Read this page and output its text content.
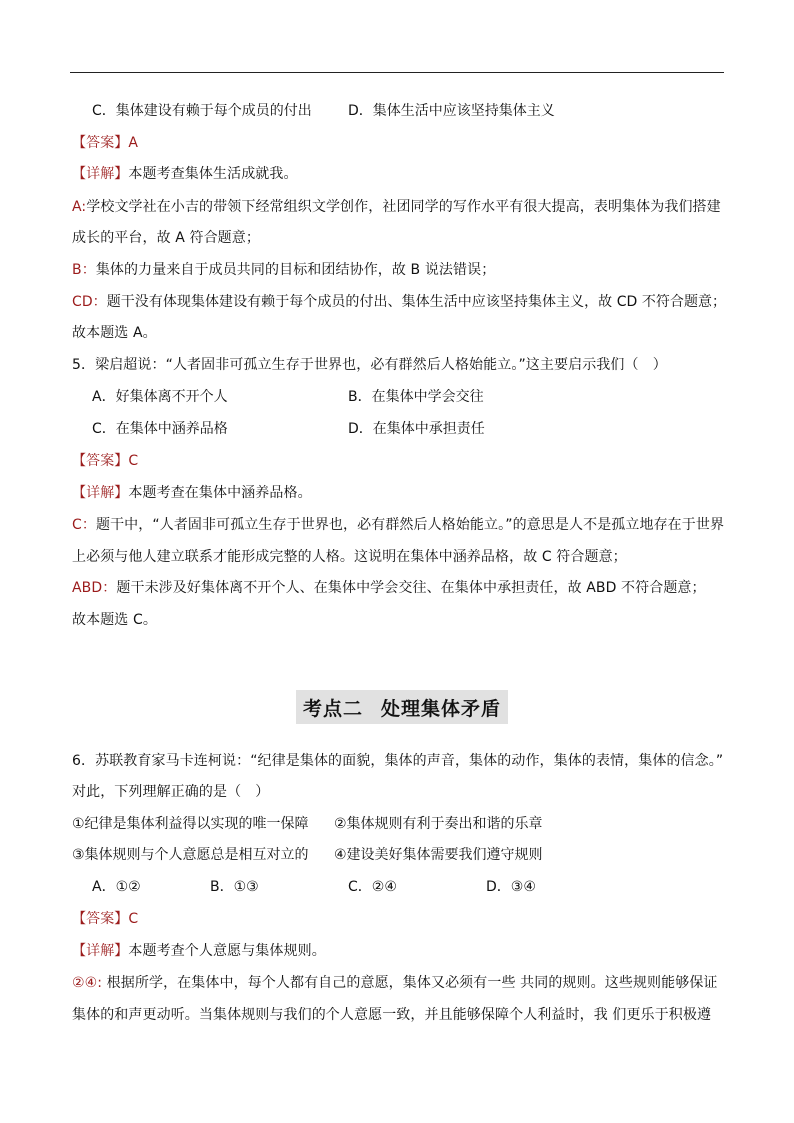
C．集体建设有赖于每个成员的付出	D．集体生活中应该坚持集体主义
【答案】A
【详解】本题考查集体生活成就我。
A:学校文学社在小吉的带领下经常组织文学创作，社团同学的写作水平有很大提高，表明集体为我们搭建
成长的平台，故 A 符合题意；
B：集体的力量来自于成员共同的目标和团结协作，故 B 说法错误；
CD：题干没有体现集体建设有赖于每个成员的付出、集体生活中应该坚持集体主义，故 CD 不符合题意；
故本题选 A。
5．梁启超说：“人者固非可孤立生存于世界也，必有群然后人格始能立。”这主要启示我们（　）
A．好集体离不开个人	B．在集体中学会交往
C．在集体中涵养品格	D．在集体中承担责任
【答案】C
【详解】本题考查在集体中涵养品格。
C：题干中，“人者固非可孤立生存于世界也，必有群然后人格始能立。”的意思是人不是孤立地存在于世界
上必须与他人建立联系才能形成完整的人格。这说明在集体中涵养品格，故 C 符合题意；
ABD：题干未涉及好集体离不开个人、在集体中学会交往、在集体中承担责任，故 ABD 不符合题意；
故本题选 C。
考点二 处理集体矛盾
6．苏联教育家马卡连柯说：“纪律是集体的面貌，集体的声音，集体的动作，集体的表情，集体的信念。”
对此，下列理解正确的是（　）
①纪律是集体利益得以实现的唯一保障 ②集体规则有利于奏出和谐的乐章
③集体规则与个人意愿总是相互对立的 ④建设美好集体需要我们遵守规则
A．①②	B．①③	C．②④	D．③④
【答案】C
【详解】本题考查个人意愿与集体规则。
②④: 根据所学，在集体中，每个人都有自己的意愿，集体又必须有一些 共同的规则。这些规则能够保证
集体的和声更动听。当集体规则与我们的个人意愿一致，并且能够保障个人利益时，我 们更乐于积极遵
